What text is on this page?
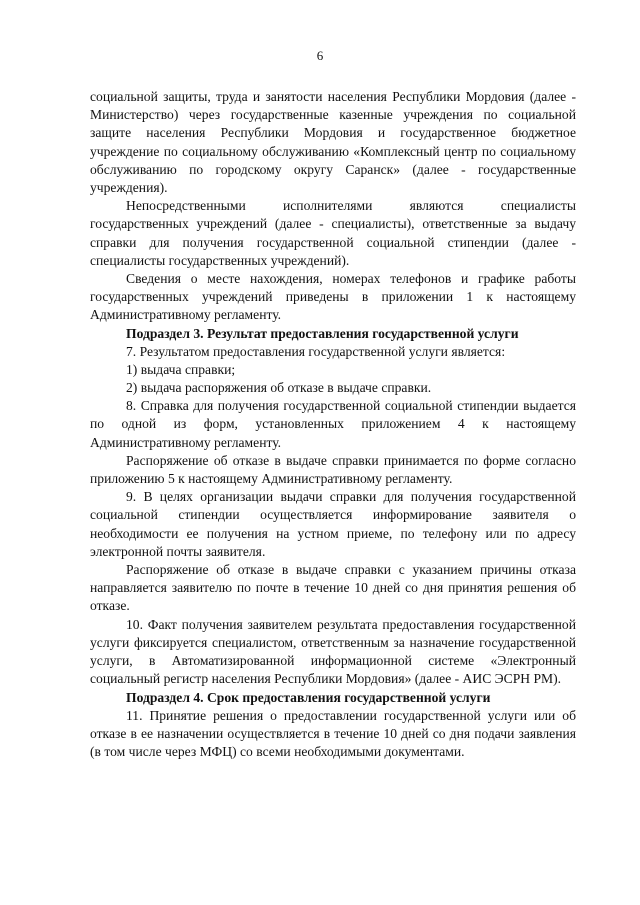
6

социальной защиты, труда и занятости населения Республики Мордовия (далее - Министерство) через государственные казенные учреждения по социальной защите населения Республики Мордовия и государственное бюджетное учреждение по социальному обслуживанию «Комплексный центр по социальному обслуживанию по городскому округу Саранск» (далее - государственные учреждения).

Непосредственными исполнителями являются специалисты государственных учреждений (далее - специалисты), ответственные за выдачу справки для получения государственной социальной стипендии (далее - специалисты государственных учреждений).

Сведения о месте нахождения, номерах телефонов и графике работы государственных учреждений приведены в приложении 1 к настоящему Административному регламенту.

Подраздел 3. Результат предоставления государственной услуги

7. Результатом предоставления государственной услуги является:

1) выдача справки;

2) выдача распоряжения об отказе в выдаче справки.

8. Справка для получения государственной социальной стипендии выдается по одной из форм, установленных приложением 4 к настоящему Административному регламенту.

Распоряжение об отказе в выдаче справки принимается по форме согласно приложению 5 к настоящему Административному регламенту.

9. В целях организации выдачи справки для получения государственной социальной стипендии осуществляется информирование заявителя о необходимости ее получения на устном приеме, по телефону или по адресу электронной почты заявителя.

Распоряжение об отказе в выдаче справки с указанием причины отказа направляется заявителю по почте в течение 10 дней со дня принятия решения об отказе.

10. Факт получения заявителем результата предоставления государственной услуги фиксируется специалистом, ответственным за назначение государственной услуги, в Автоматизированной информационной системе «Электронный социальный регистр населения Республики Мордовия» (далее - АИС ЭСРН РМ).

Подраздел 4. Срок предоставления государственной услуги

11. Принятие решения о предоставлении государственной услуги или об отказе в ее назначении осуществляется в течение 10 дней со дня подачи заявления (в том числе через МФЦ) со всеми необходимыми документами.
